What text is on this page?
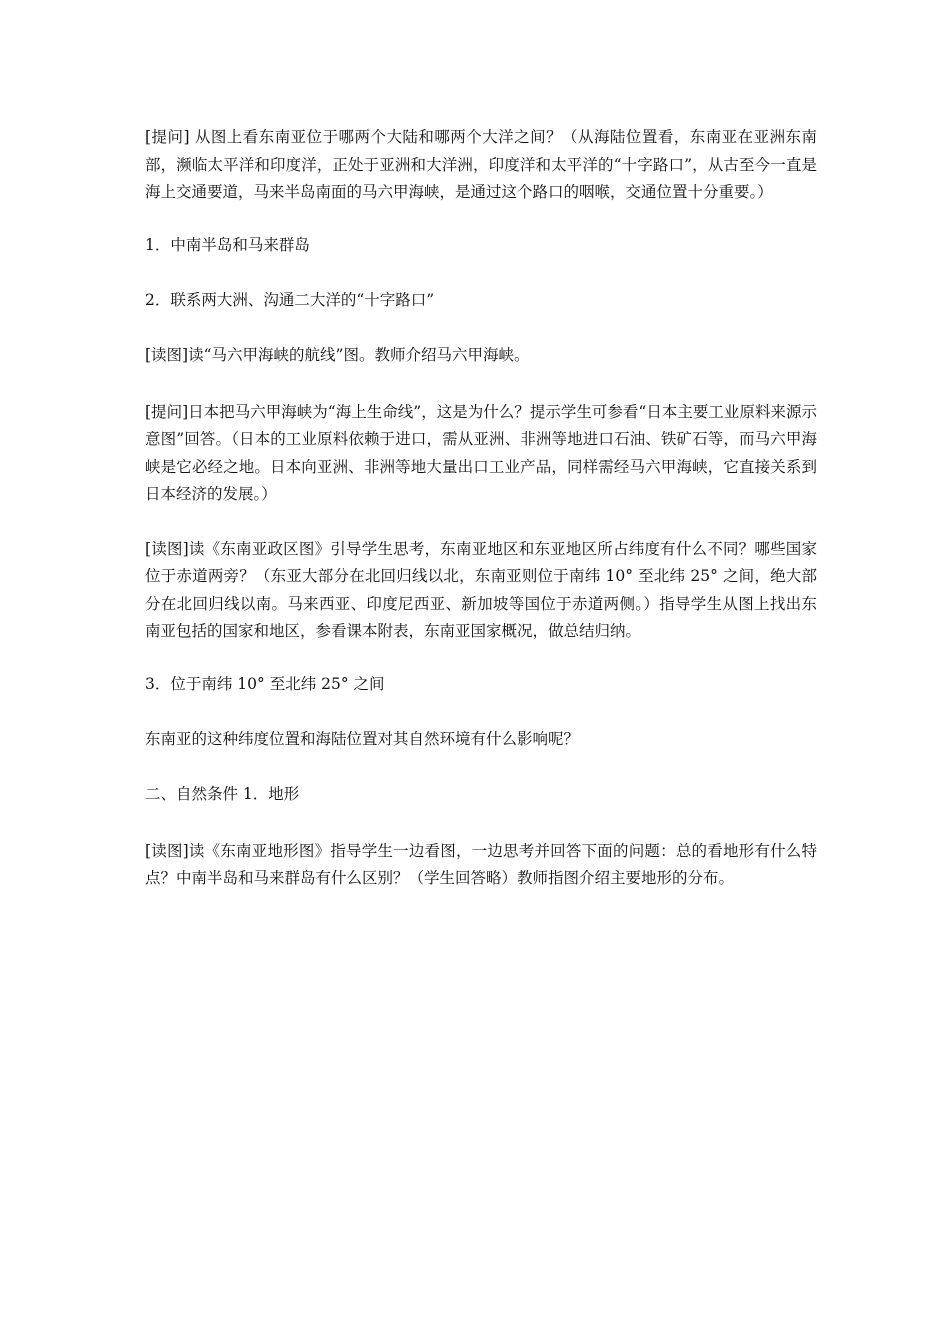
[提问] 从图上看东南亚位于哪两个大陆和哪两个大洋之间？（从海陆位置看，东南亚在亚洲东南部，濒临太平洋和印度洋，正处于亚洲和大洋洲，印度洋和太平洋的“十字路口”，从古至今一直是海上交通要道，马来半岛南面的马六甲海峡，是通过这个路口的咽喉，交通位置十分重要。）

1．中南半岛和马来群岛

2．联系两大洲、沟通二大洋的“十字路口”

[读图]读“马六甲海峡的航线”图。教师介绍马六甲海峡。

[提问]日本把马六甲海峡为“海上生命线”，这是为什么？提示学生可参看“日本主要工业原料来源示意图”回答。（日本的工业原料依赖于进口，需从亚洲、非洲等地进口石油、铁矿石等，而马六甲海峡是它必经之地。日本向亚洲、非洲等地大量出口工业产品，同样需经马六甲海峡，它直接关系到日本经济的发展。）

[读图]读《东南亚政区图》引导学生思考，东南亚地区和东亚地区所占纬度有什么不同？哪些国家位于赤道两旁？（东亚大部分在北回归线以北，东南亚则位于南纬 10° 至北纬 25° 之间，绝大部分在北回归线以南。马来西亚、印度尼西亚、新加坡等国位于赤道两侧。）指导学生从图上找出东南亚包括的国家和地区，参看课本附表，东南亚国家概况，做总结归纳。

3．位于南纬 10° 至北纬 25° 之间

东南亚的这种纬度位置和海陆位置对其自然环境有什么影响呢？

二、自然条件 1．地形

[读图]读《东南亚地形图》指导学生一边看图，一边思考并回答下面的问题：总的看地形有什么特点？中南半岛和马来群岛有什么区别？（学生回答略）教师指图介绍主要地形的分布。
